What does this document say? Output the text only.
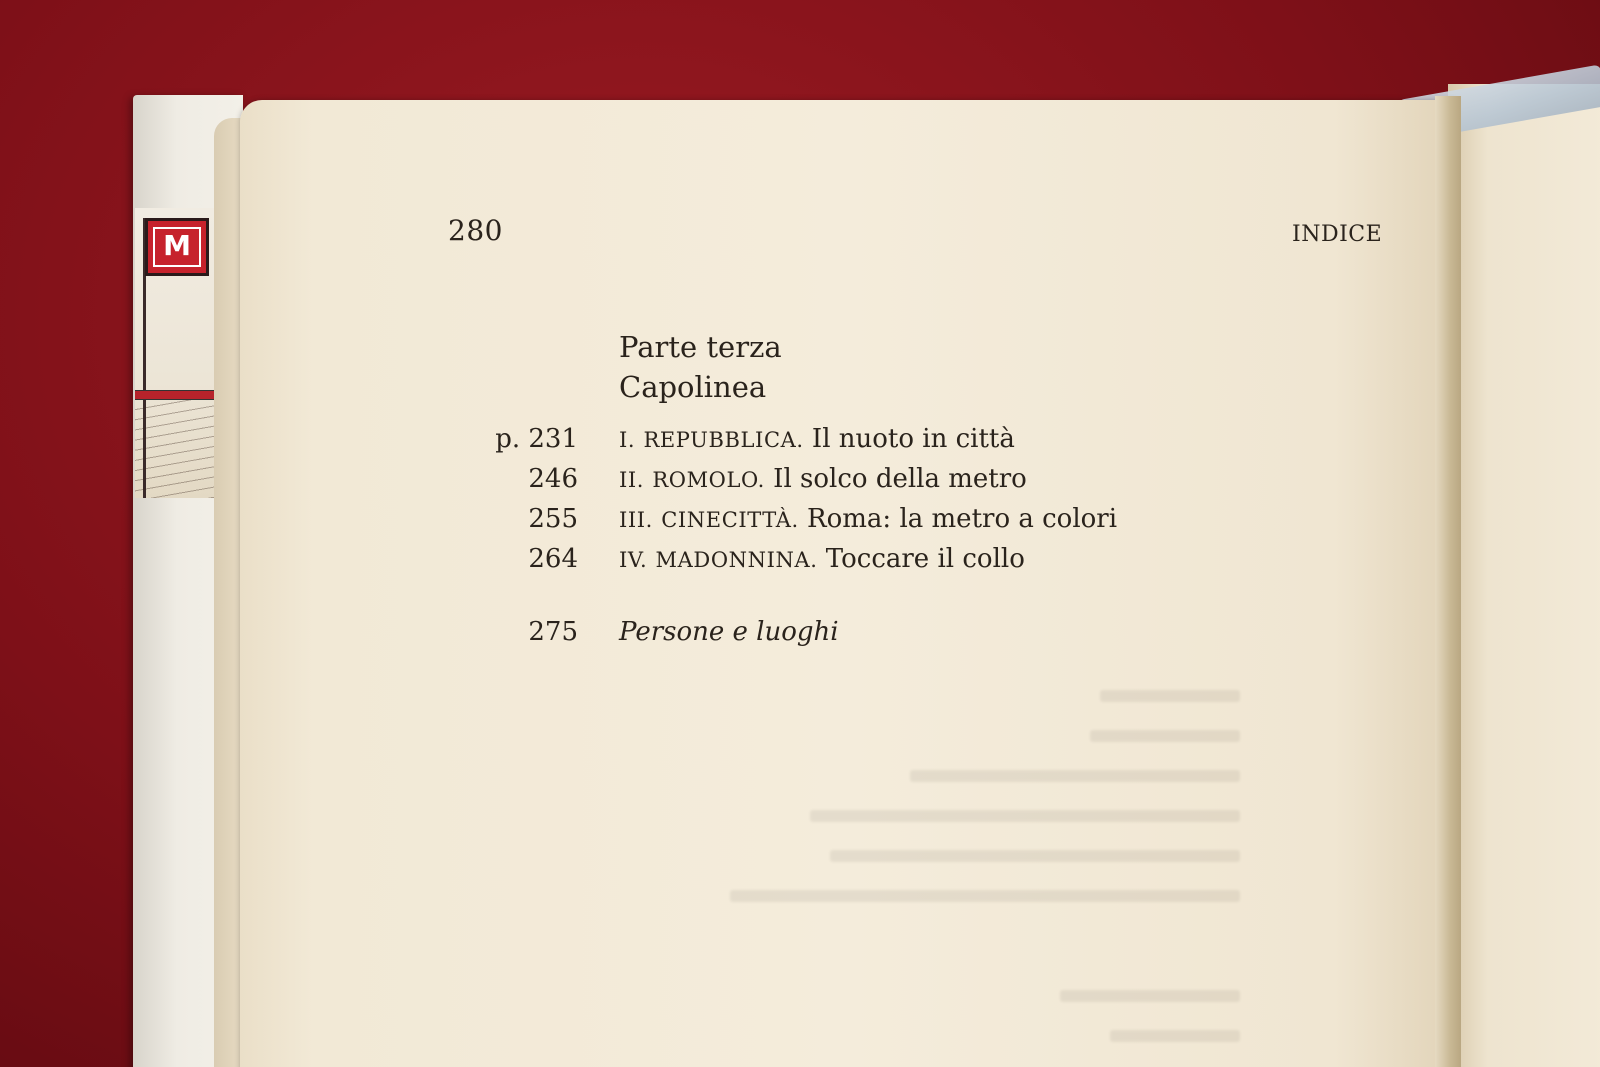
M	280	INDICE
Parte terza
Capolinea
p. 231 I. REPUBBLICA. Il nuoto in città
246 II. ROMOLO. Il solco della metro
255 III. CINECITTÀ. Roma: la metro a colori
264 IV. MADONNINA. Toccare il collo
275 Persone e luoghi
